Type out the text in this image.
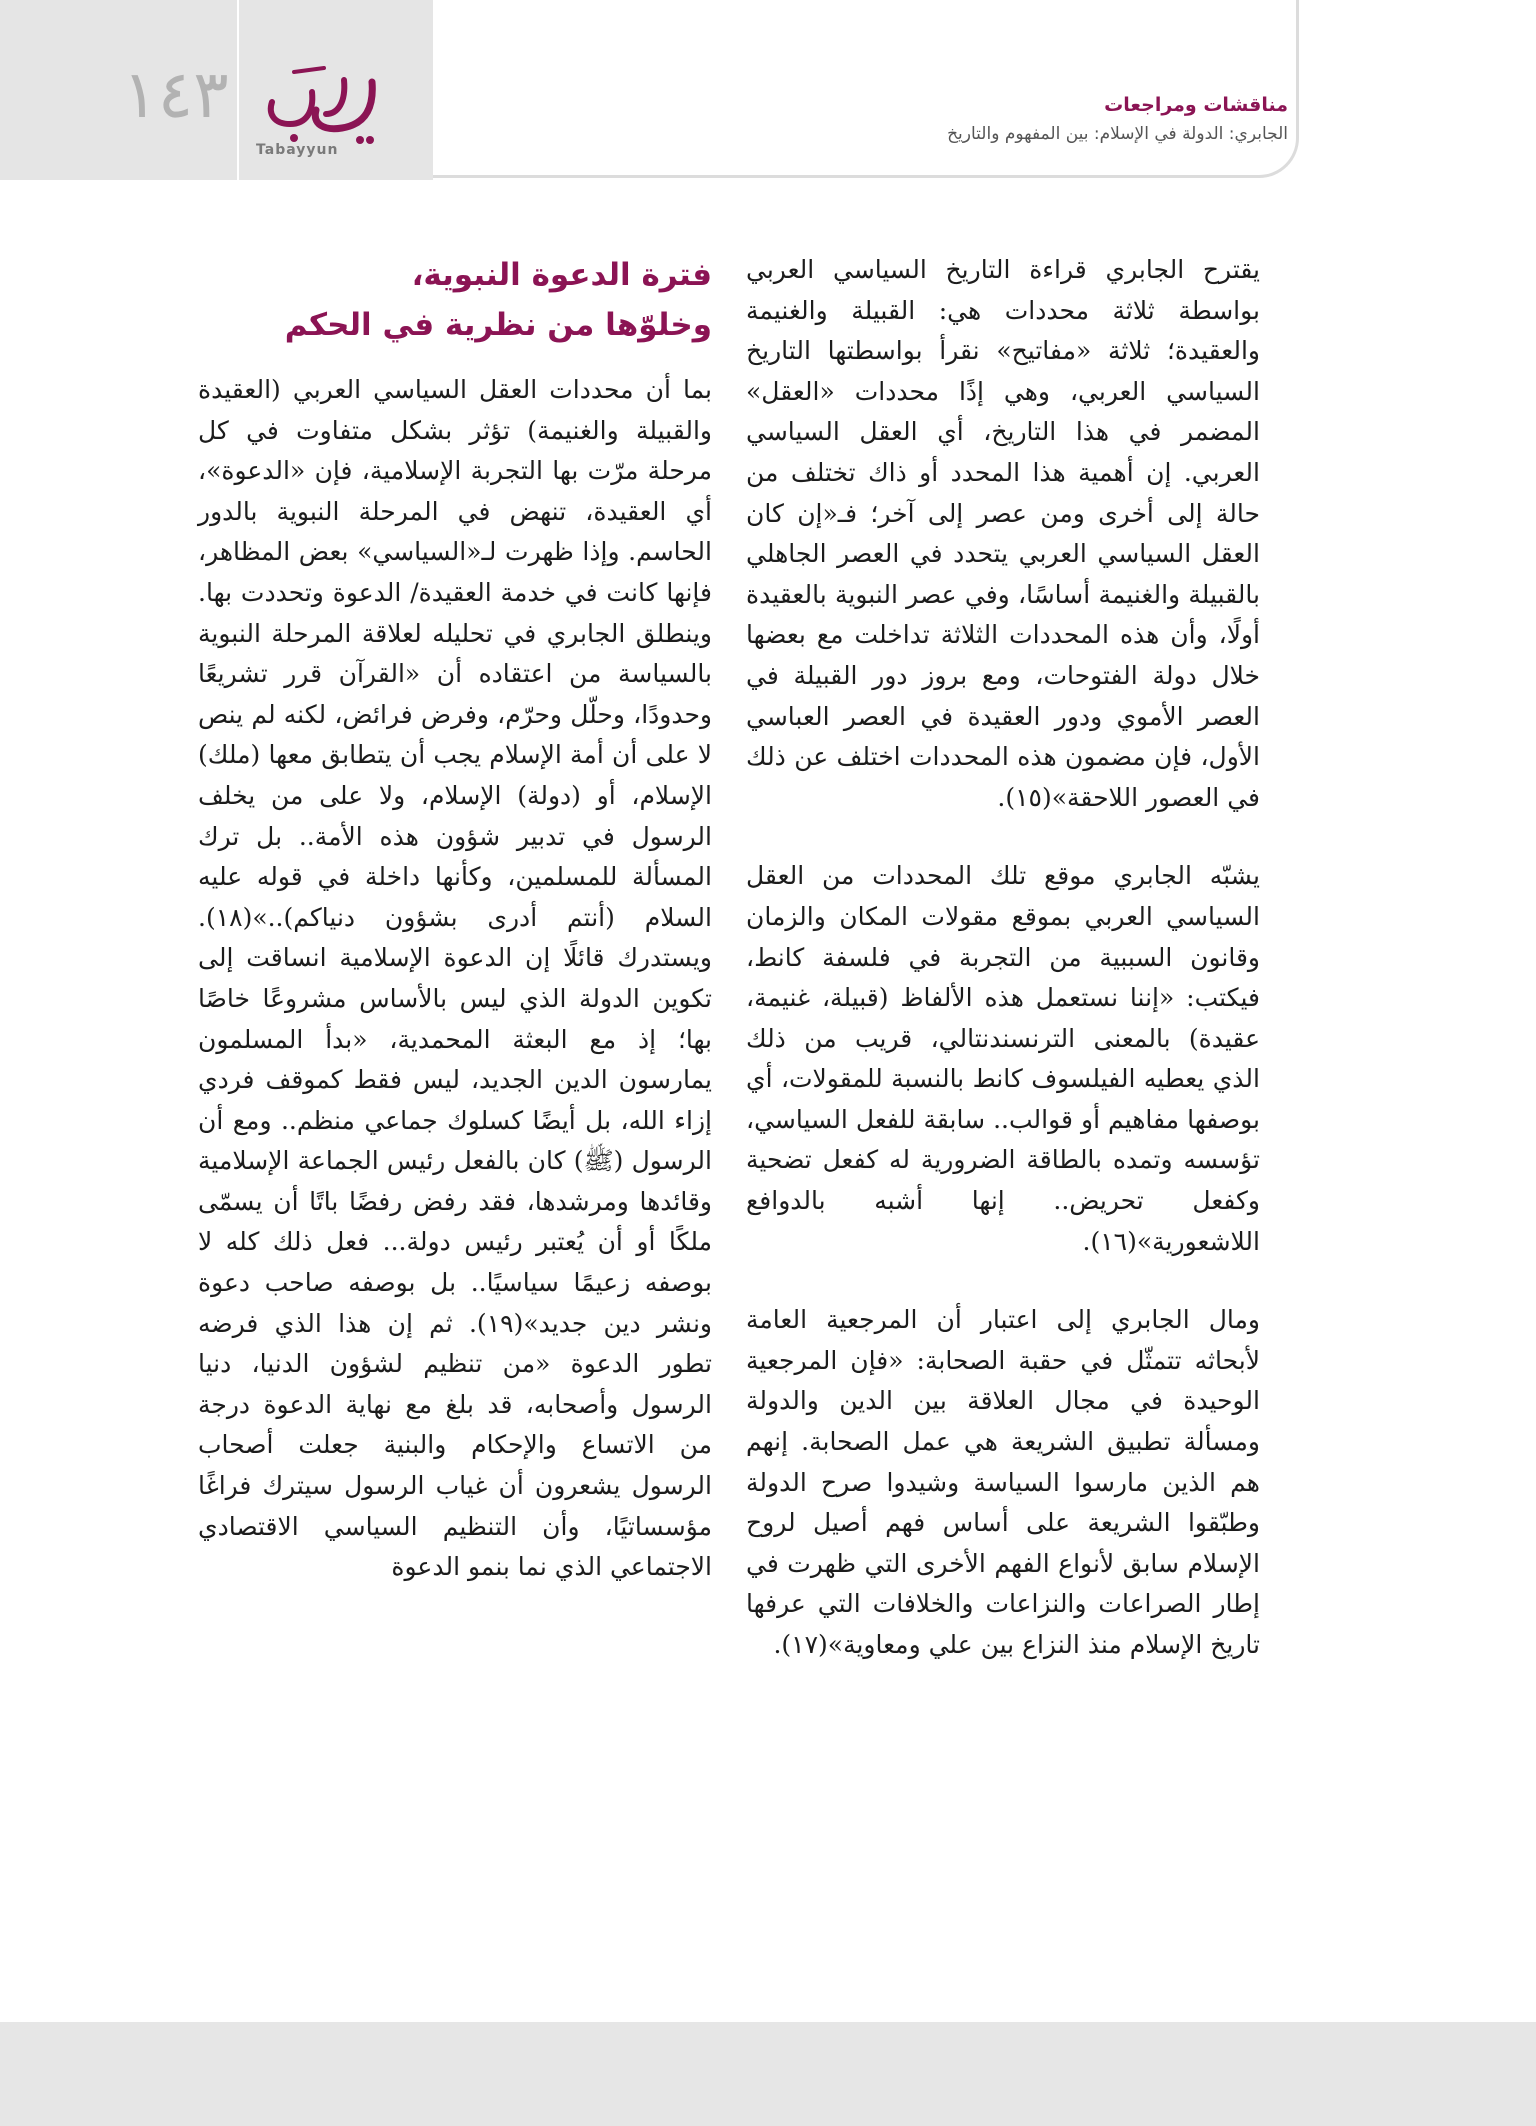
١٤٣
Tabayyun
مناقشات ومراجعات
الجابري: الدولة في الإسلام: بين المفهوم والتاريخ

يقترح الجابري قراءة التاريخ السياسي العربي بواسطة ثلاثة محددات هي: القبيلة والغنيمة والعقيدة؛ ثلاثة «مفاتيح» نقرأ بواسطتها التاريخ السياسي العربي، وهي إذًا محددات «العقل» المضمر في هذا التاريخ، أي العقل السياسي العربي. إن أهمية هذا المحدد أو ذاك تختلف من حالة إلى أخرى ومن عصر إلى آخر؛ فـ«إن كان العقل السياسي العربي يتحدد في العصر الجاهلي بالقبيلة والغنيمة أساسًا، وفي عصر النبوية بالعقيدة أولًا، وأن هذه المحددات الثلاثة تداخلت مع بعضها خلال دولة الفتوحات، ومع بروز دور القبيلة في العصر الأموي ودور العقيدة في العصر العباسي الأول، فإن مضمون هذه المحددات اختلف عن ذلك في العصور اللاحقة»(١٥).

يشبّه الجابري موقع تلك المحددات من العقل السياسي العربي بموقع مقولات المكان والزمان وقانون السببية من التجربة في فلسفة كانط، فيكتب: «إننا نستعمل هذه الألفاظ (قبيلة، غنيمة، عقيدة) بالمعنى الترنسندنتالي، قريب من ذلك الذي يعطيه الفيلسوف كانط بالنسبة للمقولات، أي بوصفها مفاهيم أو قوالب.. سابقة للفعل السياسي، تؤسسه وتمده بالطاقة الضرورية له كفعل تضحية وكفعل تحريض.. إنها أشبه بالدوافع اللاشعورية»(١٦).

ومال الجابري إلى اعتبار أن المرجعية العامة لأبحاثه تتمثّل في حقبة الصحابة: «فإن المرجعية الوحيدة في مجال العلاقة بين الدين والدولة ومسألة تطبيق الشريعة هي عمل الصحابة. إنهم هم الذين مارسوا السياسة وشيدوا صرح الدولة وطبّقوا الشريعة على أساس فهم أصيل لروح الإسلام سابق لأنواع الفهم الأخرى التي ظهرت في إطار الصراعات والنزاعات والخلافات التي عرفها تاريخ الإسلام منذ النزاع بين علي ومعاوية»(١٧).

فترة الدعوة النبوية،
وخلوّها من نظرية في الحكم

بما أن محددات العقل السياسي العربي (العقيدة والقبيلة والغنيمة) تؤثر بشكل متفاوت في كل مرحلة مرّت بها التجربة الإسلامية، فإن «الدعوة»، أي العقيدة، تنهض في المرحلة النبوية بالدور الحاسم. وإذا ظهرت لـ«السياسي» بعض المظاهر، فإنها كانت في خدمة العقيدة/ الدعوة وتحددت بها. وينطلق الجابري في تحليله لعلاقة المرحلة النبوية بالسياسة من اعتقاده أن «القرآن قرر تشريعًا وحدودًا، وحلّل وحرّم، وفرض فرائض، لكنه لم ينص لا على أن أمة الإسلام يجب أن يتطابق معها (ملك) الإسلام، أو (دولة) الإسلام، ولا على من يخلف الرسول في تدبير شؤون هذه الأمة.. بل ترك المسألة للمسلمين، وكأنها داخلة في قوله عليه السلام (أنتم أدرى بشؤون دنياكم)..»(١٨). ويستدرك قائلًا إن الدعوة الإسلامية انساقت إلى تكوين الدولة الذي ليس بالأساس مشروعًا خاصًا بها؛ إذ مع البعثة المحمدية، «بدأ المسلمون يمارسون الدين الجديد، ليس فقط كموقف فردي إزاء الله، بل أيضًا كسلوك جماعي منظم.. ومع أن الرسول (ﷺ) كان بالفعل رئيس الجماعة الإسلامية وقائدها ومرشدها، فقد رفض رفضًا باتًا أن يسمّى ملكًا أو أن يُعتبر رئيس دولة... فعل ذلك كله لا بوصفه زعيمًا سياسيًا.. بل بوصفه صاحب دعوة ونشر دين جديد»(١٩). ثم إن هذا الذي فرضه تطور الدعوة «من تنظيم لشؤون الدنيا، دنيا الرسول وأصحابه، قد بلغ مع نهاية الدعوة درجة من الاتساع والإحكام والبنية جعلت أصحاب الرسول يشعرون أن غياب الرسول سيترك فراغًا مؤسساتيًا، وأن التنظيم السياسي الاقتصادي الاجتماعي الذي نما بنمو الدعوة
